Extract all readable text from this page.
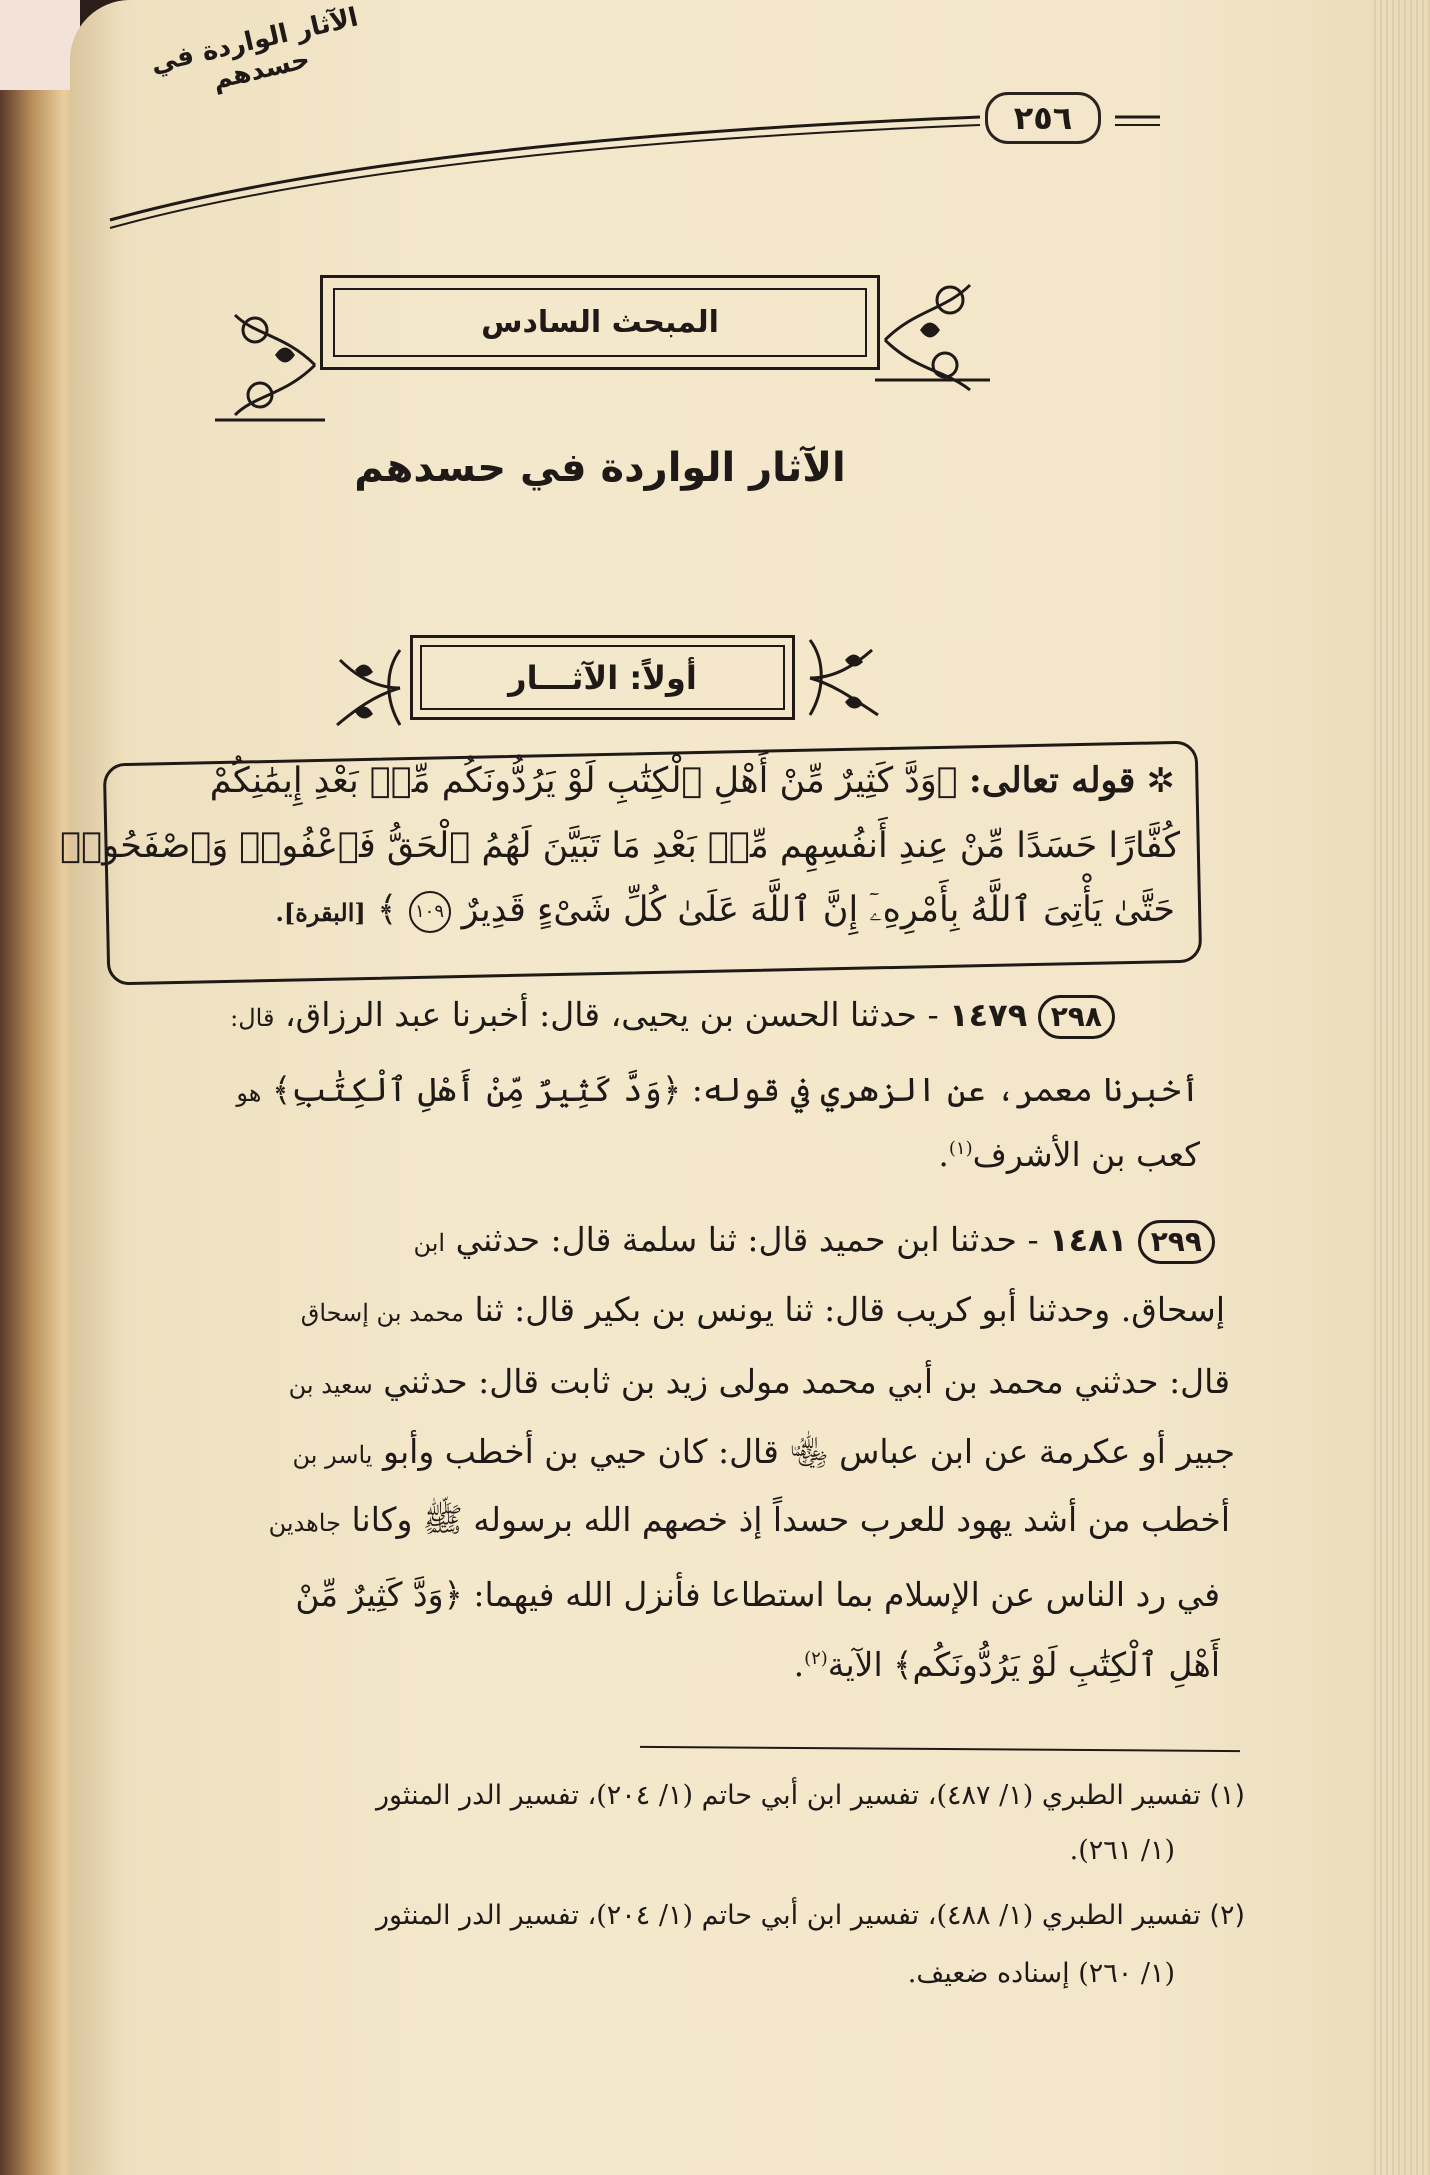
٢٥٦
الآثار الواردة في حسدهم
المبحث السادس
الآثار الواردة في حسدهم
أولاً: الآثـــار
✲ قوله تعالى: ﴿وَدَّ كَثِيرٌ مِّنْ أَهْلِ ٱلْكِتَٰبِ لَوْ يَرُدُّونَكُم مِّنۢ بَعْدِ إِيمَٰنِكُمْ
كُفَّارًا حَسَدًا مِّنْ عِندِ أَنفُسِهِم مِّنۢ بَعْدِ مَا تَبَيَّنَ لَهُمُ ٱلْحَقُّ فَٱعْفُوا۟ وَٱصْفَحُوا۟
حَتَّىٰ يَأْتِىَ ٱللَّهُ بِأَمْرِهِۦٓ إِنَّ ٱللَّهَ عَلَىٰ كُلِّ شَىْءٍ قَدِيرٌ ١٠٩ ﴾ [البقرة].
٢٩٨ ١٤٧٩ - حدثنا الحسن بن يحيى، قال: أخبرنا عبد الرزاق، قال:
أخبرنا معمر، عن الزهري في قوله: ﴿وَدَّ كَثِيرٌ مِّنْ أَهْلِ ٱلْكِتَٰبِ﴾ هو
كعب بن الأشرف$^{(١)}$.
٢٩٩ ١٤٨١ - حدثنا ابن حميد قال: ثنا سلمة قال: حدثني ابن
إسحاق. وحدثنا أبو كريب قال: ثنا يونس بن بكير قال: ثنا محمد بن إسحاق
قال: حدثني محمد بن أبي محمد مولى زيد بن ثابت قال: حدثني سعيد بن
جبير أو عكرمة عن ابن عباس ﵄ قال: كان حيي بن أخطب وأبو ياسر بن
أخطب من أشد يهود للعرب حسداً إذ خصهم الله برسوله ﷺ وكانا جاهدين
في رد الناس عن الإسلام بما استطاعا فأنزل الله فيهما: ﴿وَدَّ كَثِيرٌ مِّنْ
أَهْلِ ٱلْكِتَٰبِ لَوْ يَرُدُّونَكُم﴾ الآية$^{(٢)}$.
(١) تفسير الطبري (١/ ٤٨٧)، تفسير ابن أبي حاتم (١/ ٢٠٤)، تفسير الدر المنثور
(١/ ٢٦١).
(٢) تفسير الطبري (١/ ٤٨٨)، تفسير ابن أبي حاتم (١/ ٢٠٤)، تفسير الدر المنثور
(١/ ٢٦٠) إسناده ضعيف.
